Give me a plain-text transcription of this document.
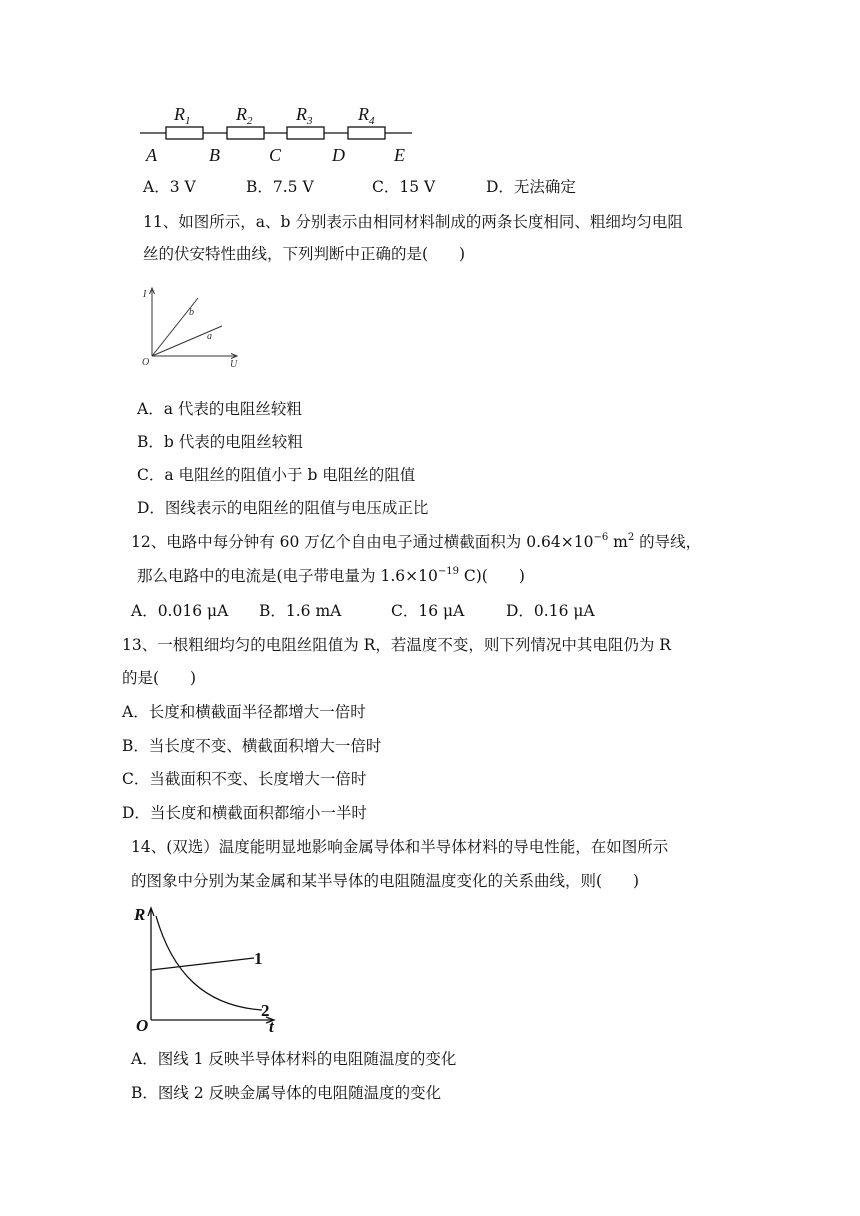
$R_1$	$R_2$ $R_3$	$R_4$
A	B	C	D	E
A．3 V	B．7.5 V	C．15 V	D．无法确定
11、如图所示，a、b 分别表示由相同材料制成的两条长度相同、粗细均匀电阻
丝的伏安特性曲线，下列判断中正确的是(　　)
I
U
O
b
a
A．a 代表的电阻丝较粗
B．b 代表的电阻丝较粗
C．a 电阻丝的阻值小于 b 电阻丝的阻值
D．图线表示的电阻丝的阻值与电压成正比
12、电路中每分钟有 60 万亿个自由电子通过横截面积为 $0.64\times 10^{-6}$ $m^2$ 的导线，
那么电路中的电流是(电子带电量为 $1.6\times 10^{-19}$ C)(　　)
A．0.016 μA B．1.6 mA	C．16 μA	D．0.16 μA
13、一根粗细均匀的电阻丝阻值为 R，若温度不变，则下列情况中其电阻仍为 R
的是(　　)
A．长度和横截面半径都增大一倍时
B．当长度不变、横截面积增大一倍时
C．当截面积不变、长度增大一倍时
D．当长度和横截面积都缩小一半时
14、(双选）温度能明显地影响金属导体和半导体材料的导电性能，在如图所示
的图象中分别为某金属和某半导体的电阻随温度变化的关系曲线，则(　　)
R
t
O
1
2
A．图线 1 反映半导体材料的电阻随温度的变化
B．图线 2 反映金属导体的电阻随温度的变化
